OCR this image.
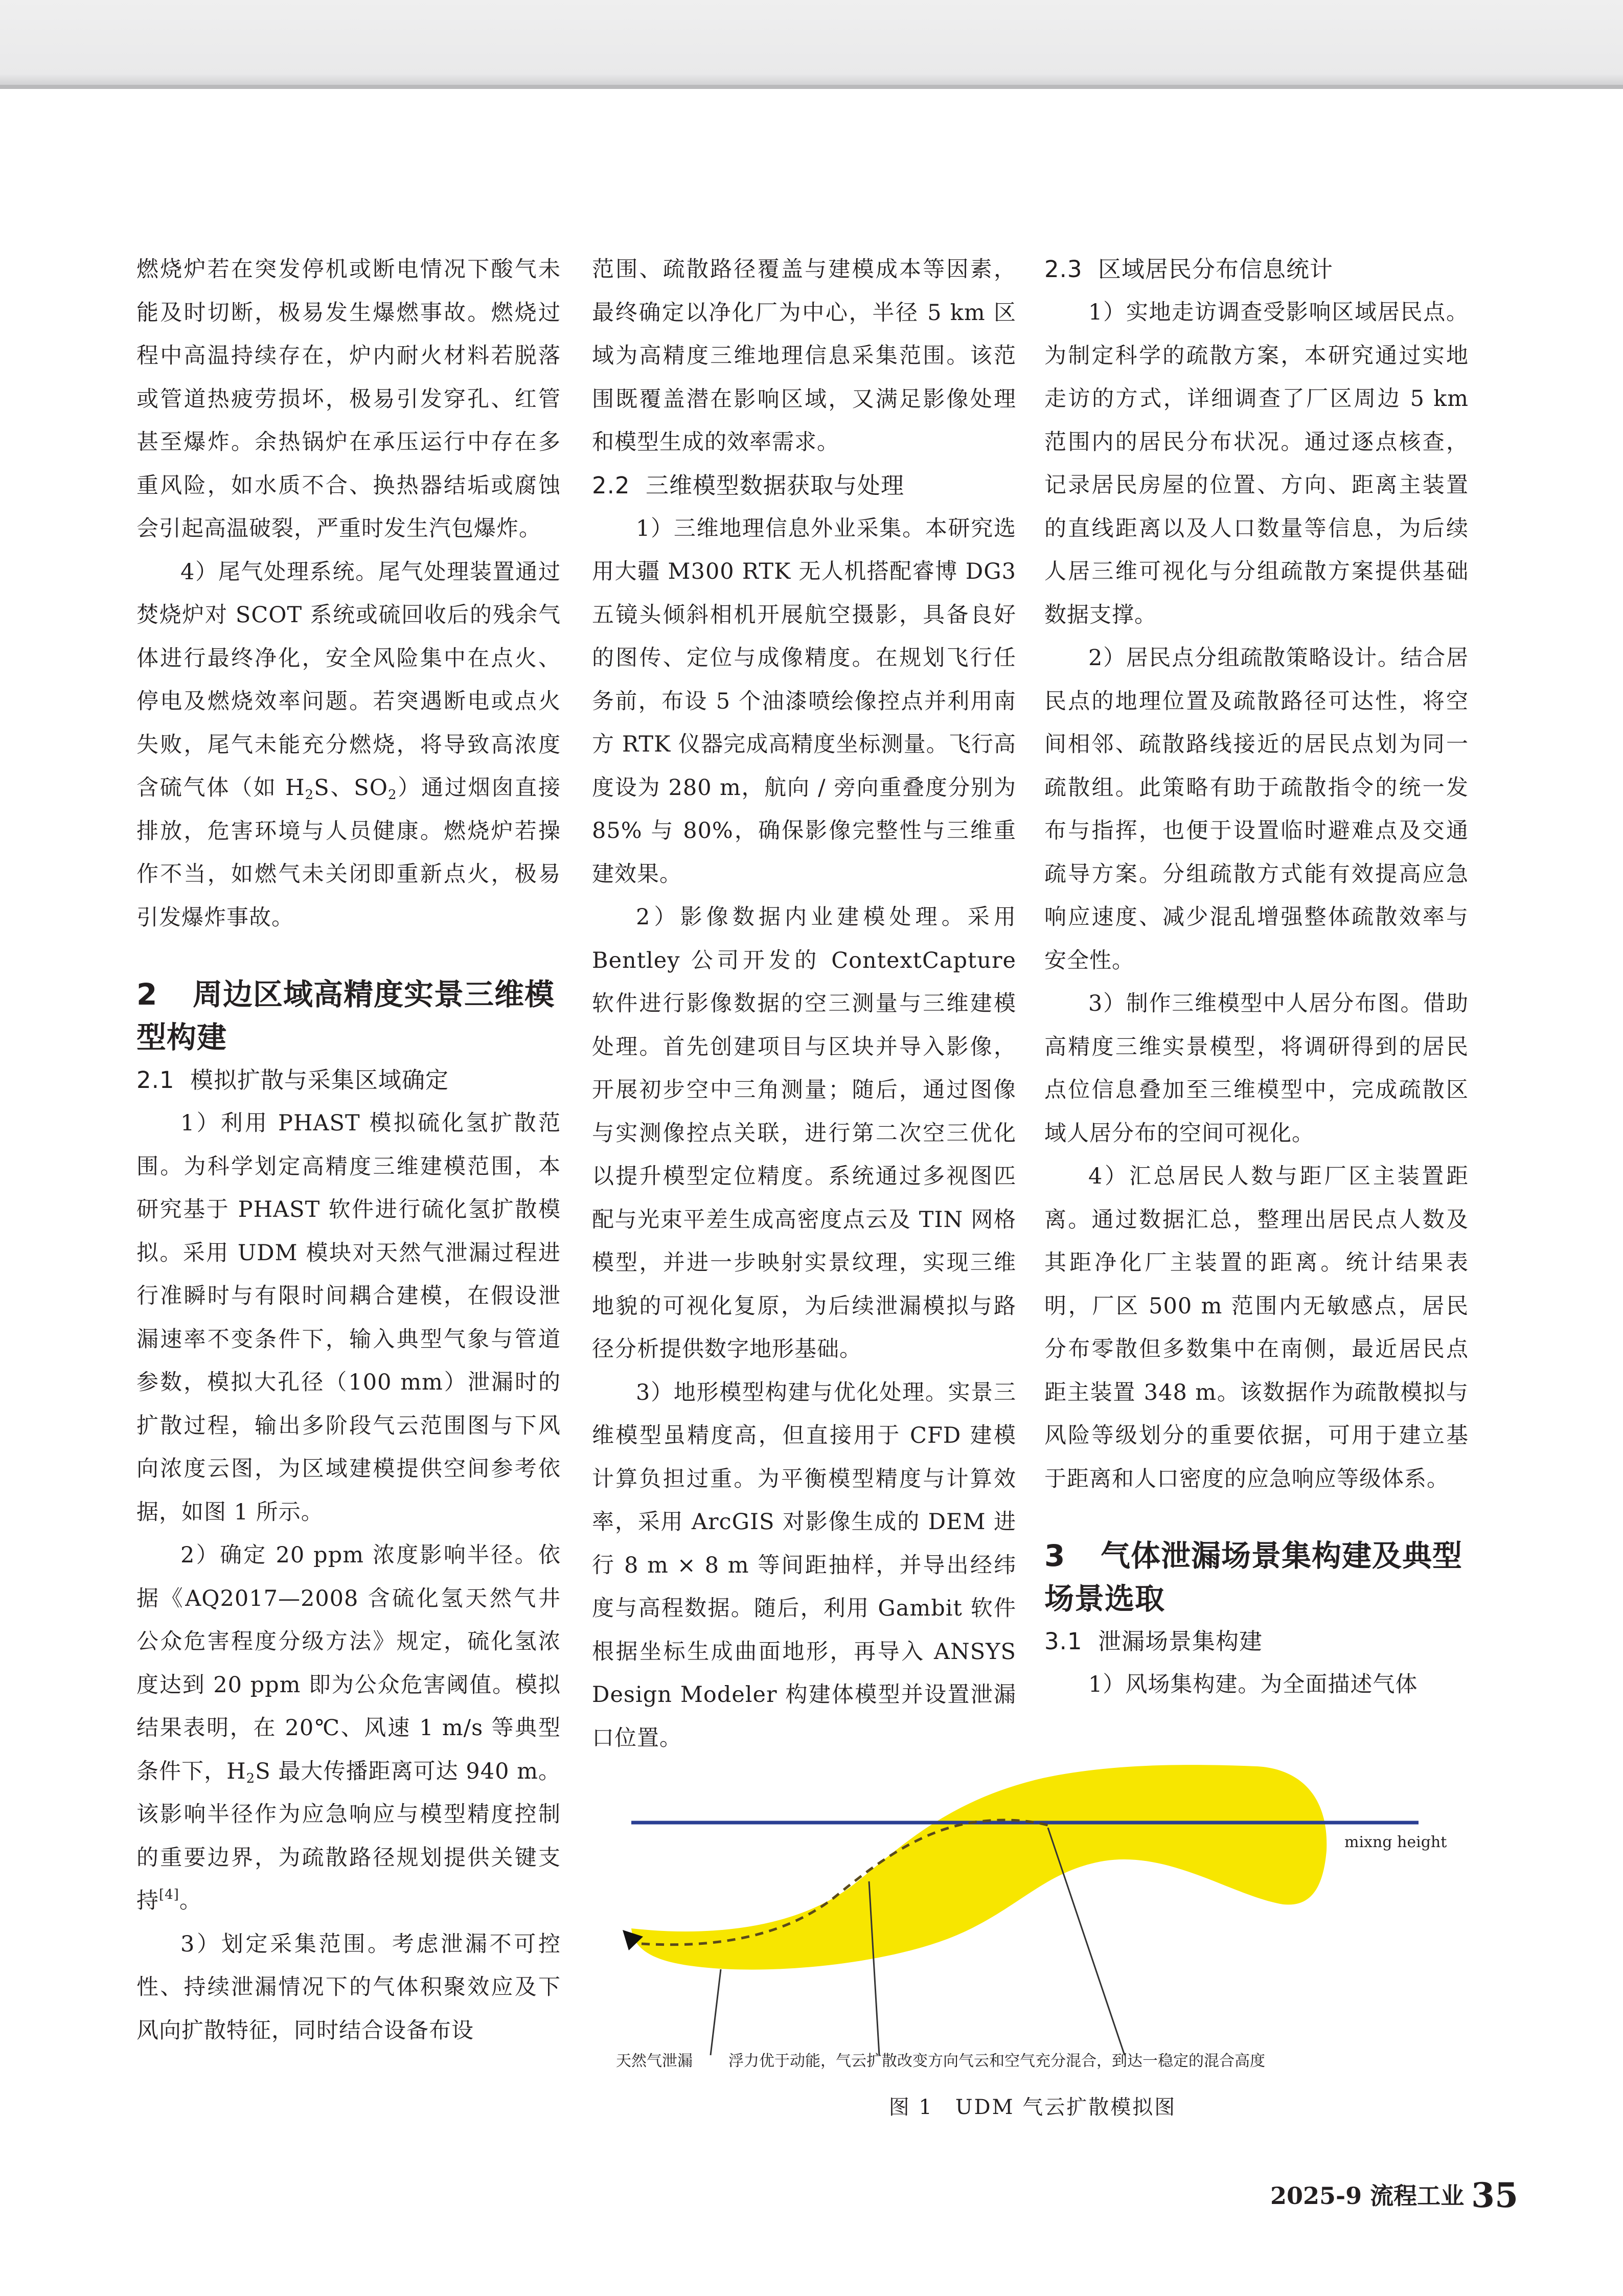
燃烧炉若在突发停机或断电情况下酸气未能及时切断，极易发生爆燃事故。燃烧过程中高温持续存在，炉内耐火材料若脱落或管道热疲劳损坏，极易引发穿孔、红管甚至爆炸。余热锅炉在承压运行中存在多重风险，如水质不合、换热器结垢或腐蚀会引起高温破裂，严重时发生汽包爆炸。

4）尾气处理系统。尾气处理装置通过焚烧炉对 SCOT 系统或硫回收后的残余气体进行最终净化，安全风险集中在点火、停电及燃烧效率问题。若突遇断电或点火失败，尾气未能充分燃烧，将导致高浓度含硫气体（如 $H_2S$、$SO_2$）通过烟囱直接排放，危害环境与人员健康。燃烧炉若操作不当，如燃气未关闭即重新点火，极易引发爆炸事故。

2 周边区域高精度实景三维模型构建
2.1 模拟扩散与采集区域确定

1）利用 PHAST 模拟硫化氢扩散范围。为科学划定高精度三维建模范围，本研究基于 PHAST 软件进行硫化氢扩散模拟。采用 UDM 模块对天然气泄漏过程进行准瞬时与有限时间耦合建模，在假设泄漏速率不变条件下，输入典型气象与管道参数，模拟大孔径（100 mm）泄漏时的扩散过程，输出多阶段气云范围图与下风向浓度云图，为区域建模提供空间参考依据，如图 1 所示。

2）确定 20 ppm 浓度影响半径。依据《AQ2017—2008 含硫化氢天然气井公众危害程度分级方法》规定，硫化氢浓度达到 20 ppm 即为公众危害阈值。模拟结果表明，在 20℃、风速 1 m/s 等典型条件下，$H_2S$ 最大传播距离可达 940 m。该影响半径作为应急响应与模型精度控制的重要边界，为疏散路径规划提供关键支持[4]。

3）划定采集范围。考虑泄漏不可控性、持续泄漏情况下的气体积聚效应及下风向扩散特征，同时结合设备布设

范围、疏散路径覆盖与建模成本等因素，最终确定以净化厂为中心，半径 5 km 区域为高精度三维地理信息采集范围。该范围既覆盖潜在影响区域，又满足影像处理和模型生成的效率需求。

2.2 三维模型数据获取与处理

1）三维地理信息外业采集。本研究选用大疆 M300 RTK 无人机搭配睿博 DG3 五镜头倾斜相机开展航空摄影，具备良好的图传、定位与成像精度。在规划飞行任务前，布设 5 个油漆喷绘像控点并利用南方 RTK 仪器完成高精度坐标测量。飞行高度设为 280 m，航向 / 旁向重叠度分别为 85% 与 80%，确保影像完整性与三维重建效果。

2）影像数据内业建模处理。采用 Bentley 公司开发的 ContextCapture 软件进行影像数据的空三测量与三维建模处理。首先创建项目与区块并导入影像，开展初步空中三角测量；随后，通过图像与实测像控点关联，进行第二次空三优化以提升模型定位精度。系统通过多视图匹配与光束平差生成高密度点云及 TIN 网格模型，并进一步映射实景纹理，实现三维地貌的可视化复原，为后续泄漏模拟与路径分析提供数字地形基础。

3）地形模型构建与优化处理。实景三维模型虽精度高，但直接用于 CFD 建模计算负担过重。为平衡模型精度与计算效率，采用 ArcGIS 对影像生成的 DEM 进行 8 m × 8 m 等间距抽样，并导出经纬度与高程数据。随后，利用 Gambit 软件根据坐标生成曲面地形，再导入 ANSYS Design Modeler 构建体模型并设置泄漏口位置。

2.3 区域居民分布信息统计

1）实地走访调查受影响区域居民点。为制定科学的疏散方案，本研究通过实地走访的方式，详细调查了厂区周边 5 km 范围内的居民分布状况。通过逐点核查，记录居民房屋的位置、方向、距离主装置的直线距离以及人口数量等信息，为后续人居三维可视化与分组疏散方案提供基础数据支撑。

2）居民点分组疏散策略设计。结合居民点的地理位置及疏散路径可达性，将空间相邻、疏散路线接近的居民点划为同一疏散组。此策略有助于疏散指令的统一发布与指挥，也便于设置临时避难点及交通疏导方案。分组疏散方式能有效提高应急响应速度、减少混乱增强整体疏散效率与安全性。

3）制作三维模型中人居分布图。借助高精度三维实景模型，将调研得到的居民点位信息叠加至三维模型中，完成疏散区域人居分布的空间可视化。

4）汇总居民人数与距厂区主装置距离。通过数据汇总，整理出居民点人数及其距净化厂主装置的距离。统计结果表明，厂区 500 m 范围内无敏感点，居民分布零散但多数集中在南侧，最近居民点距主装置 348 m。该数据作为疏散模拟与风险等级划分的重要依据，可用于建立基于距离和人口密度的应急响应等级体系。

3 气体泄漏场景集构建及典型场景选取
3.1 泄漏场景集构建

1）风场集构建。为全面描述气体

mixng height
天然气泄漏 浮力优于动能，气云扩散改变方向 气云和空气充分混合，到达一稳定的混合高度
图 1　UDM 气云扩散模拟图
2025-9 流程工业 35
